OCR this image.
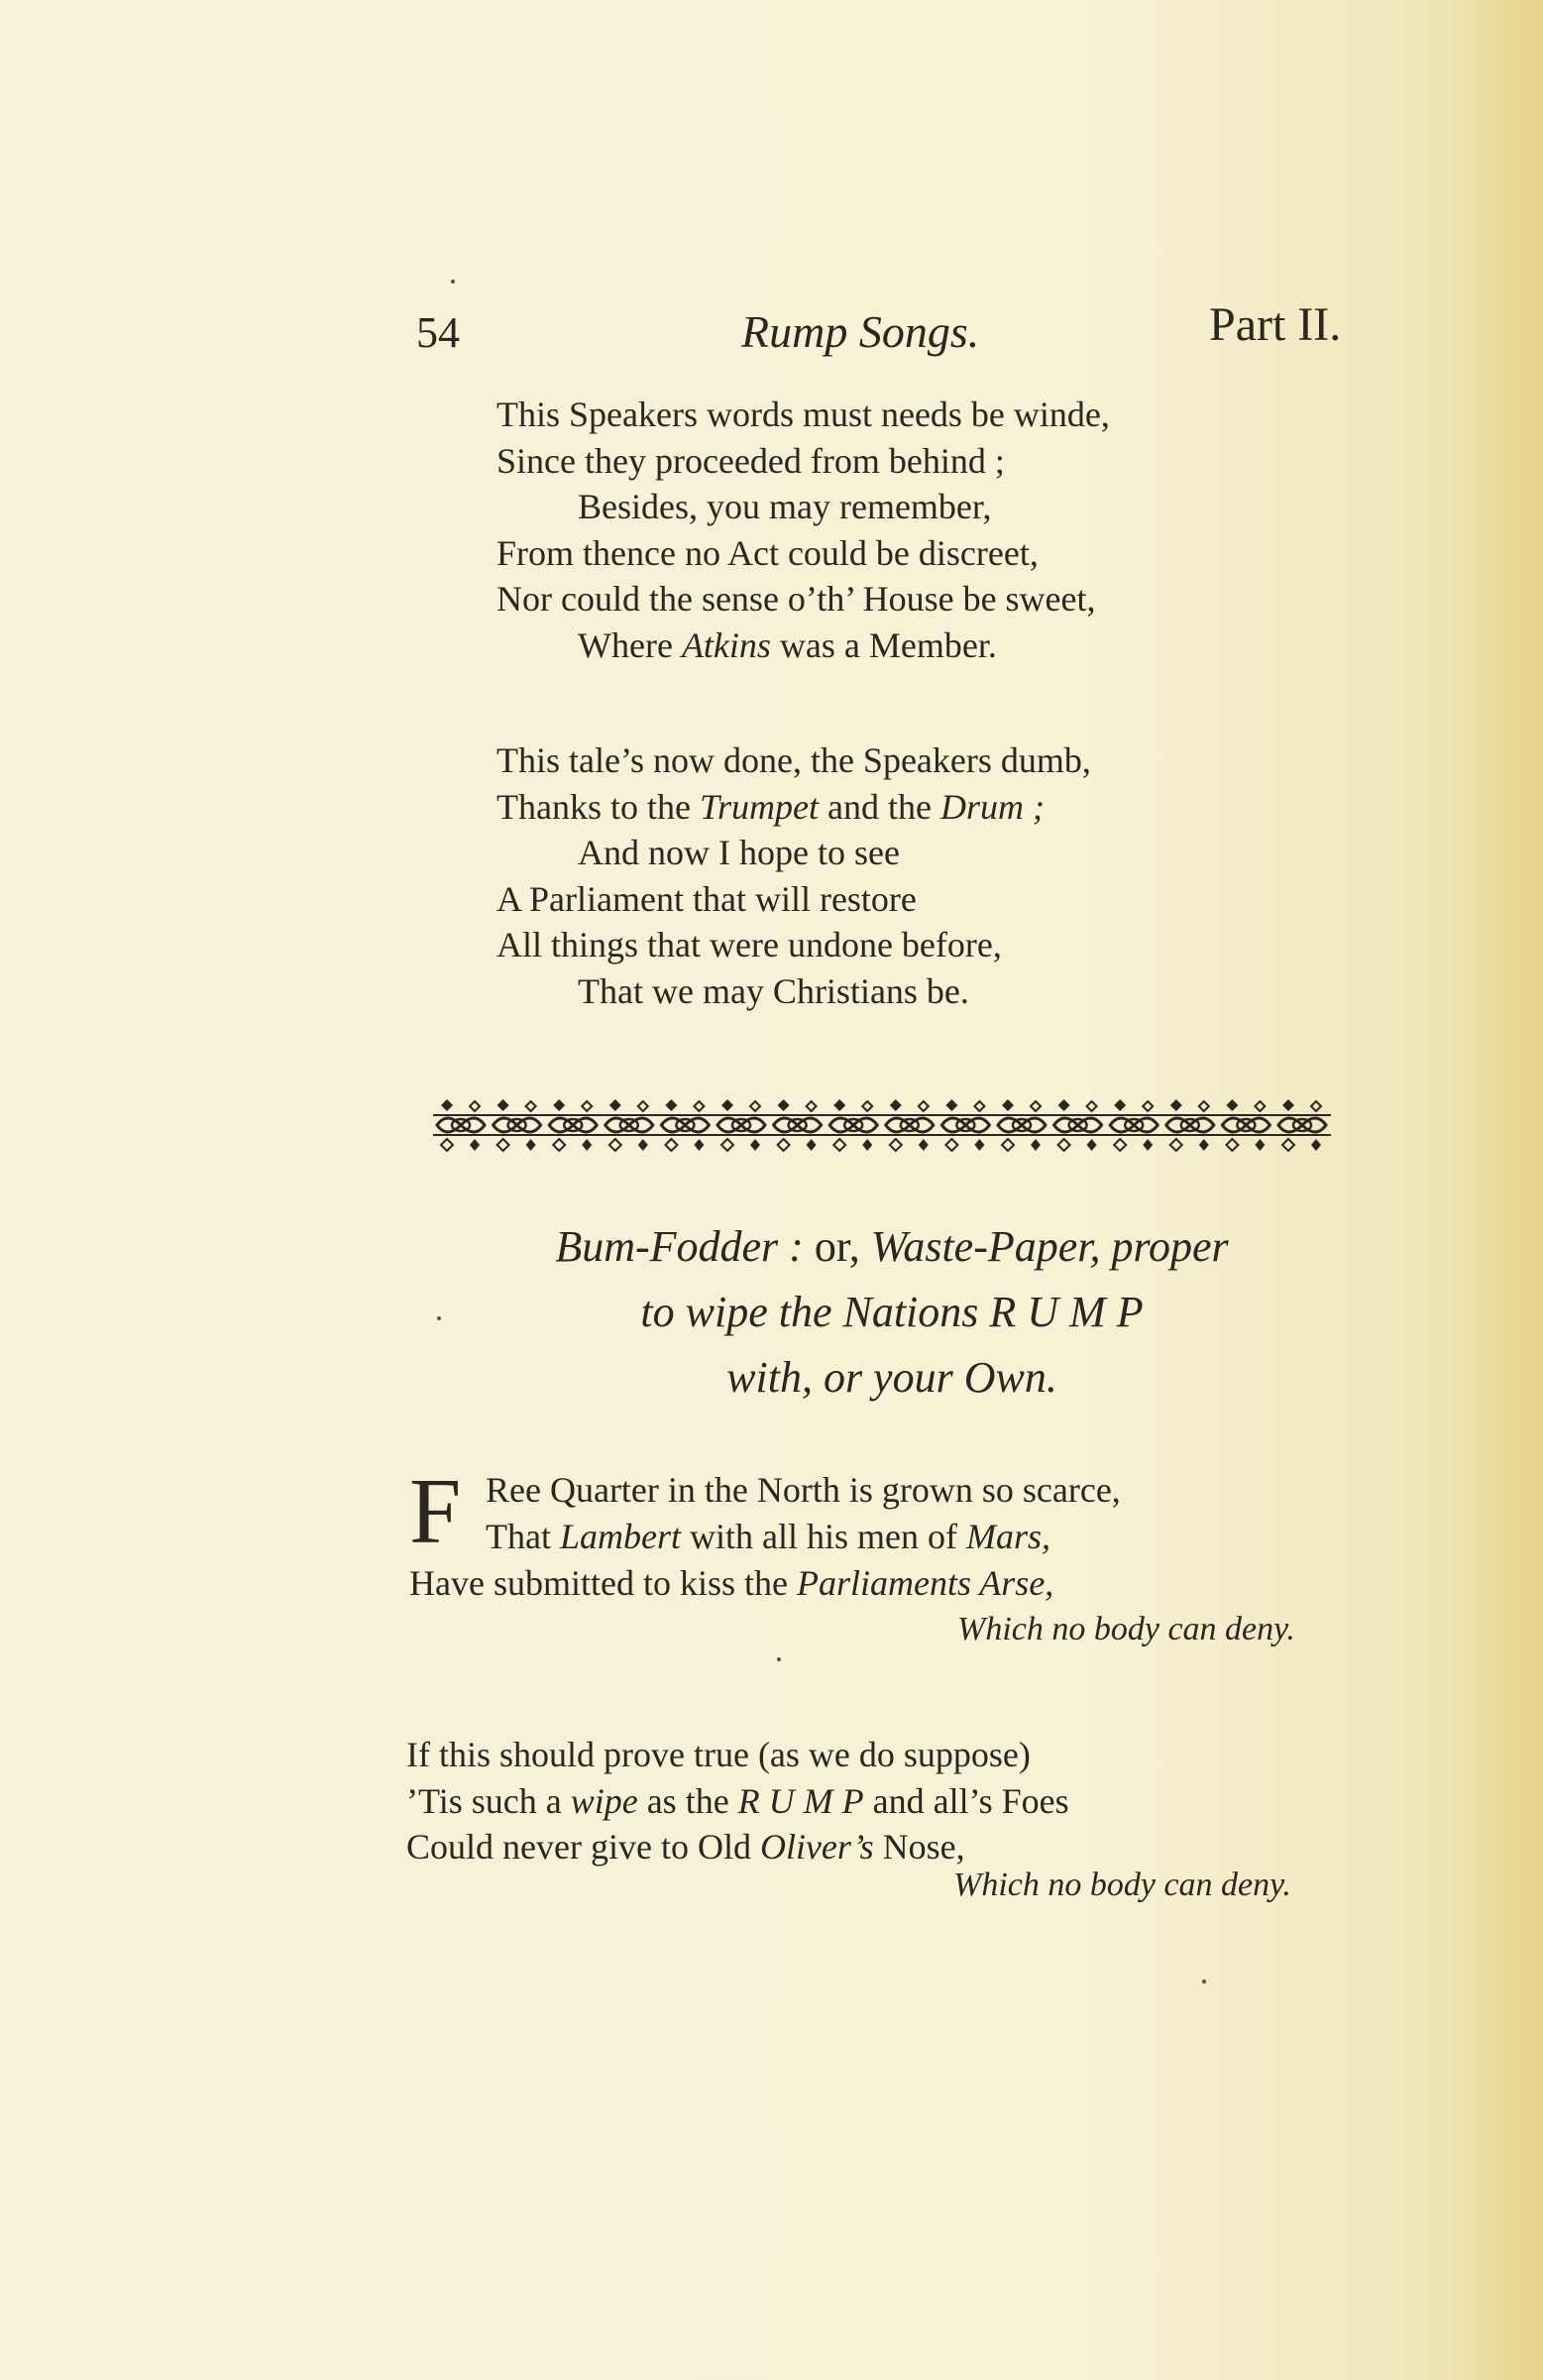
54	Rump Songs.	Part II.
This Speakers words must needs be winde,
Since they proceeded from behind ;
Besides, you may remember,
From thence no Act could be discreet,
Nor could the sense o’th’ House be sweet,
Where Atkins was a Member.
This tale’s now done, the Speakers dumb,
Thanks to the Trumpet and the Drum ;
And now I hope to see
A Parliament that will restore
All things that were undone before,
That we may Christians be.
Bum-Fodder : or, Waste-Paper, proper
to wipe the Nations R U M P
with, or your Own.
F Ree Quarter in the North is grown so scarce,
That Lambert with all his men of Mars,
Have submitted to kiss the Parliaments Arse,
Which no body can deny.
If this should prove true (as we do suppose)
’Tis such a wipe as the R U M P and all’s Foes
Could never give to Old Oliver’s Nose,
Which no body can deny.
